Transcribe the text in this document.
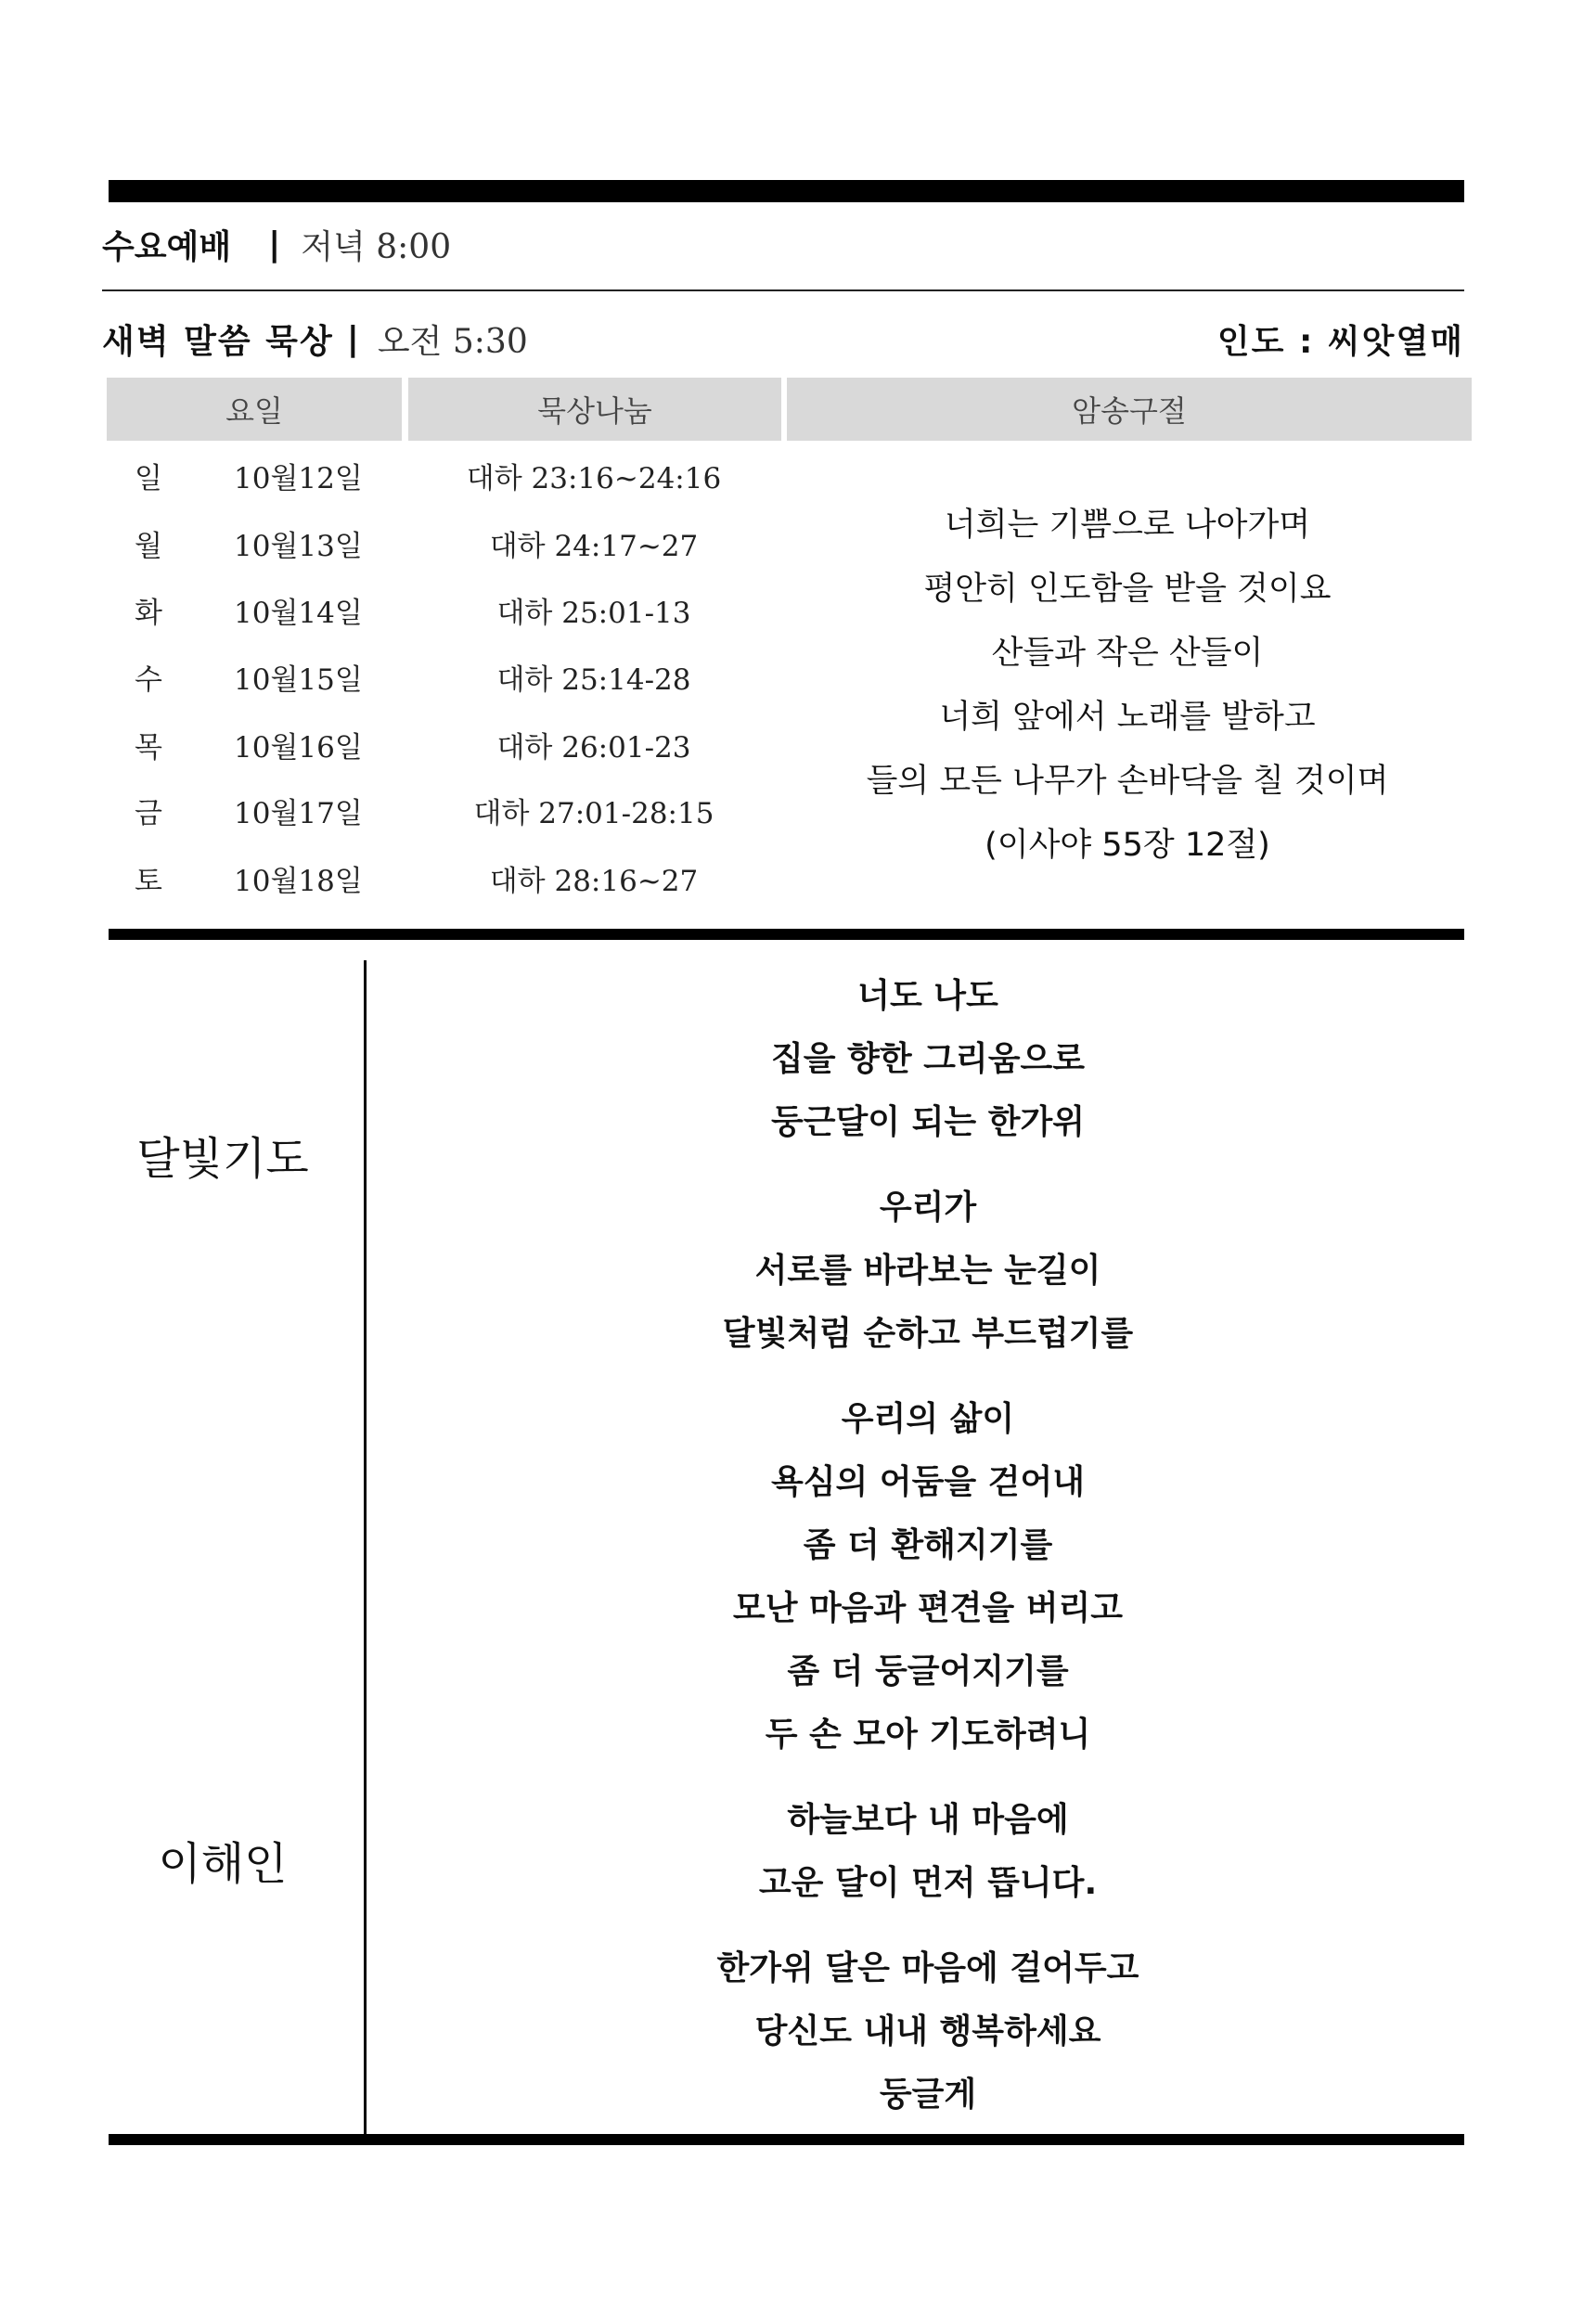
수요예배 | 저녁 8:00
새벽 말씀 묵상 | 오전 5:30	인도 : 씨앗열매
요일	묵상나눔	암송구절
일 10월12일	대하 23:16~24:16
월 10월13일	대하 24:17~27
화 10월14일	대하 25:01-13
수 10월15일	대하 25:14-28
목 10월16일	대하 26:01-23
금 10월17일	대하 27:01-28:15
토 10월18일	대하 28:16~27
너희는 기쁨으로 나아가며
평안히 인도함을 받을 것이요
산들과 작은 산들이
너희 앞에서 노래를 발하고
들의 모든 나무가 손바닥을 칠 것이며
(이사야 55장 12절)
달빛기도
이해인
너도 나도
집을 향한 그리움으로
둥근달이 되는 한가위
우리가
서로를 바라보는 눈길이
달빛처럼 순하고 부드럽기를
우리의 삶이
욕심의 어둠을 걷어내
좀 더 환해지기를
모난 마음과 편견을 버리고
좀 더 둥글어지기를
두 손 모아 기도하려니
하늘보다 내 마음에
고운 달이 먼저 뜹니다.
한가위 달은 마음에 걸어두고
당신도 내내 행복하세요
둥글게
